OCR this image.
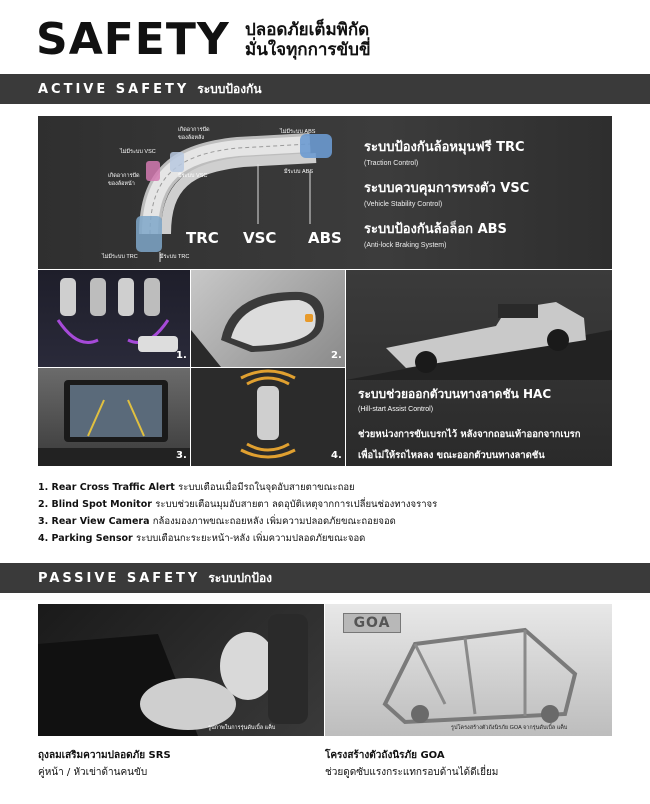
SAFETY ปลอดภัยเต็มพิกัด
มั่นใจทุกการขับขี่
ACTIVE SAFETY ระบบป้องกัน
ไม่มีระบบ VSC
มีระบบ VSC
เกิดอาการปัด
ของล้อหลัง
เกิดอาการปัด
ของล้อหน้า
ไม่มีระบบ ABS
มีระบบ ABS
ไม่มีระบบ TRC	มีระบบ TRC
TRC VSC ABS
ระบบป้องกันล้อหมุนฟรี TRC
(Traction Control)
ระบบควบคุมการทรงตัว VSC
(Vehicle Stability Control)
ระบบป้องกันล้อล็อก ABS
(Anti-lock Braking System)
1.	2.
3.	4.
ระบบช่วยออกตัวบนทางลาดชัน HAC
(Hill-start Assist Control)
ช่วยหน่วงการขับเบรกไว้ หลังจากถอนเท้าออกจากเบรก
เพื่อไม่ให้รถไหลลง ขณะออกตัวบนทางลาดชัน
1. Rear Cross Traffic Alert ระบบเตือนเมื่อมีรถในจุดอับสายตาขณะถอย
2. Blind Spot Monitor ระบบช่วยเตือนมุมอับสายตา ลดอุบัติเหตุจากการเปลี่ยนช่องทางจราจร
3. Rear View Camera กล้องมองภาพขณะถอยหลัง เพิ่มความปลอดภัยขณะถอยจอด
4. Parking Sensor ระบบเตือนกะระยะหน้า-หลัง เพิ่มความปลอดภัยขณะจอด
PASSIVE SAFETY ระบบปกป้อง
รูปภาพในการรุ่นดับเบิ้ล แค็บ	รูปโครงสร้างตัวถังนิรภัย GOA จากรุ่นดับเบิ้ล แค็บ
GOA
ถุงลมเสริมความปลอดภัย SRS
คู่หน้า / หัวเข่าด้านคนขับ
โครงสร้างตัวถังนิรภัย GOA
ช่วยดูดซับแรงกระแทกรอบด้านได้ดีเยี่ยม
